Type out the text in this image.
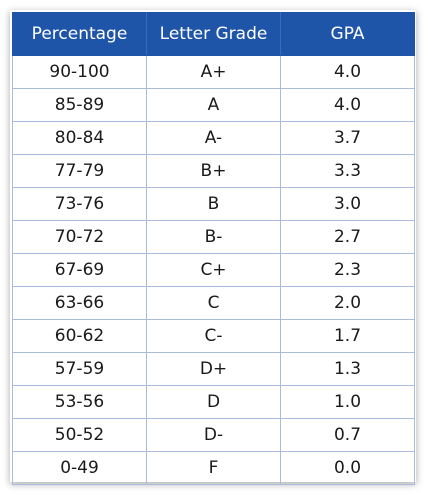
Percentage	Letter Grade	GPA
90-100	A+	4.0
85-89	A	4.0
80-84	A-	3.7
77-79	B+	3.3
73-76	B	3.0
70-72	B-	2.7
67-69	C+	2.3
63-66	C	2.0
60-62	C-	1.7
57-59	D+	1.3
53-56	D	1.0
50-52	D-	0.7
0-49	F	0.0
